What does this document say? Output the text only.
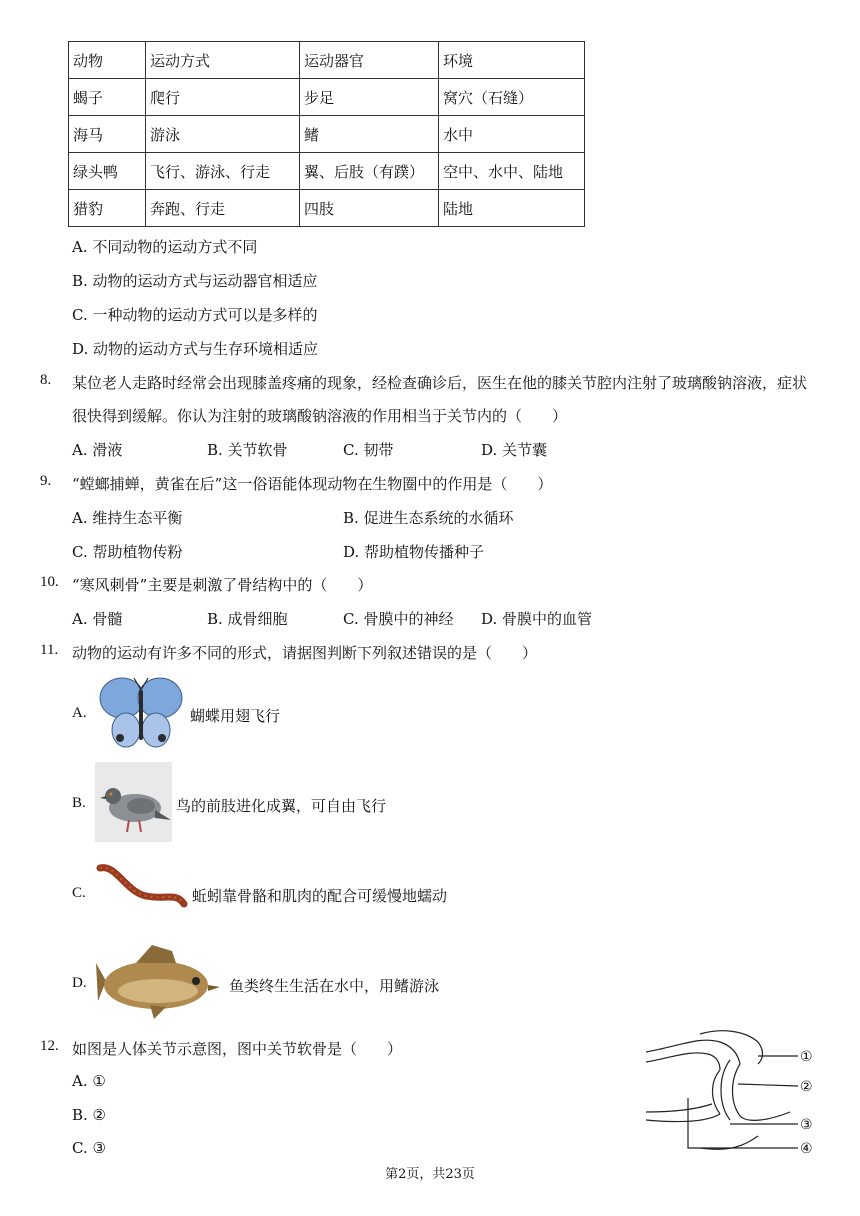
动物	运动方式	运动器官	环境
蝎子	爬行	步足	窝穴（石缝）
海马	游泳	鳍	水中
绿头鸭	飞行、游泳、行走	翼、后肢（有蹼）	空中、水中、陆地
猎豹	奔跑、行走	四肢	陆地
A. 不同动物的运动方式不同
B. 动物的运动方式与运动器官相适应
C. 一种动物的运动方式可以是多样的
D. 动物的运动方式与生存环境相适应
8. 某位老人走路时经常会出现膝盖疼痛的现象，经检查确诊后，医生在他的膝关节腔内注射了玻璃酸钠溶液，症状
很快得到缓解。你认为注射的玻璃酸钠溶液的作用相当于关节内的（　　）
A. 滑液	B. 关节软骨	C. 韧带	D. 关节囊
9. “螳螂捕蝉，黄雀在后”这一俗语能体现动物在生物圈中的作用是（　　）
A. 维持生态平衡	B. 促进生态系统的水循环
C. 帮助植物传粉	D. 帮助植物传播种子
10. “寒风刺骨”主要是刺激了骨结构中的（　　）
A. 骨髓	B. 成骨细胞	C. 骨膜中的神经 D. 骨膜中的血管
11. 动物的运动有许多不同的形式，请据图判断下列叙述错误的是（　　）
A.	蝴蝶用翅飞行
B.	鸟的前肢进化成翼，可自由飞行
C.	蚯蚓靠骨骼和肌肉的配合可缓慢地蠕动
D.	鱼类终生生活在水中，用鳍游泳
12. 如图是人体关节示意图，图中关节软骨是（　　）
A. ①
B. ②
C. ③
①
②
③
④
第2页，共23页
